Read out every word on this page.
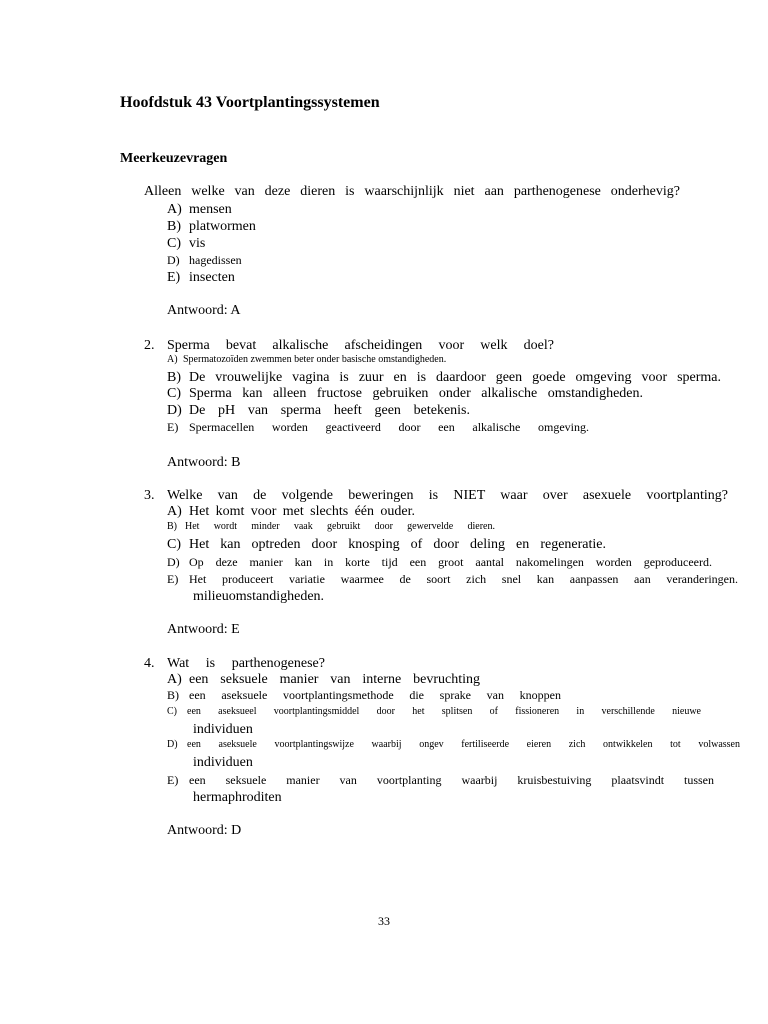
Hoofdstuk 43 Voortplantingssystemen
Meerkeuzevragen
Alleen welke van deze dieren is waarschijnlijk niet aan parthenogenese onderhevig?
A) mensen
B) platwormen
C) vis
D) hagedissen
E) insecten
Antwoord: A
2. Sperma bevat alkalische afscheidingen voor welk doel?
A) Spermatozoïden zwemmen beter onder basische omstandigheden.
B) De vrouwelijke vagina is zuur en is daardoor geen goede omgeving voor sperma.
C) Sperma kan alleen fructose gebruiken onder alkalische omstandigheden.
D) De pH van sperma heeft geen betekenis.
E) Spermacellen worden geactiveerd door een alkalische omgeving.
Antwoord: B
3. Welke van de volgende beweringen is NIET waar over asexuele voortplanting?
A) Het komt voor met slechts één ouder.
B) Het wordt minder vaak gebruikt door gewervelde dieren.
C) Het kan optreden door knosping of door deling en regeneratie.
D) Op deze manier kan in korte tijd een groot aantal nakomelingen worden geproduceerd.
E) Het produceert variatie waarmee de soort zich snel kan aanpassen aan veranderingen.
milieuomstandigheden.
Antwoord: E
4. Wat is parthenogenese?
A) een seksuele manier van interne bevruchting
B) een aseksuele voortplantingsmethode die sprake van knoppen
C) een aseksueel voortplantingsmiddel door het splitsen of fissioneren in verschillende nieuwe
individuen
D) een aseksuele voortplantingswijze waarbij ongev fertiliseerde eieren zich ontwikkelen tot volwassen
individuen
E) een seksuele manier van voortplanting waarbij kruisbestuiving plaatsvindt tussen
hermaphroditen
Antwoord: D
33
